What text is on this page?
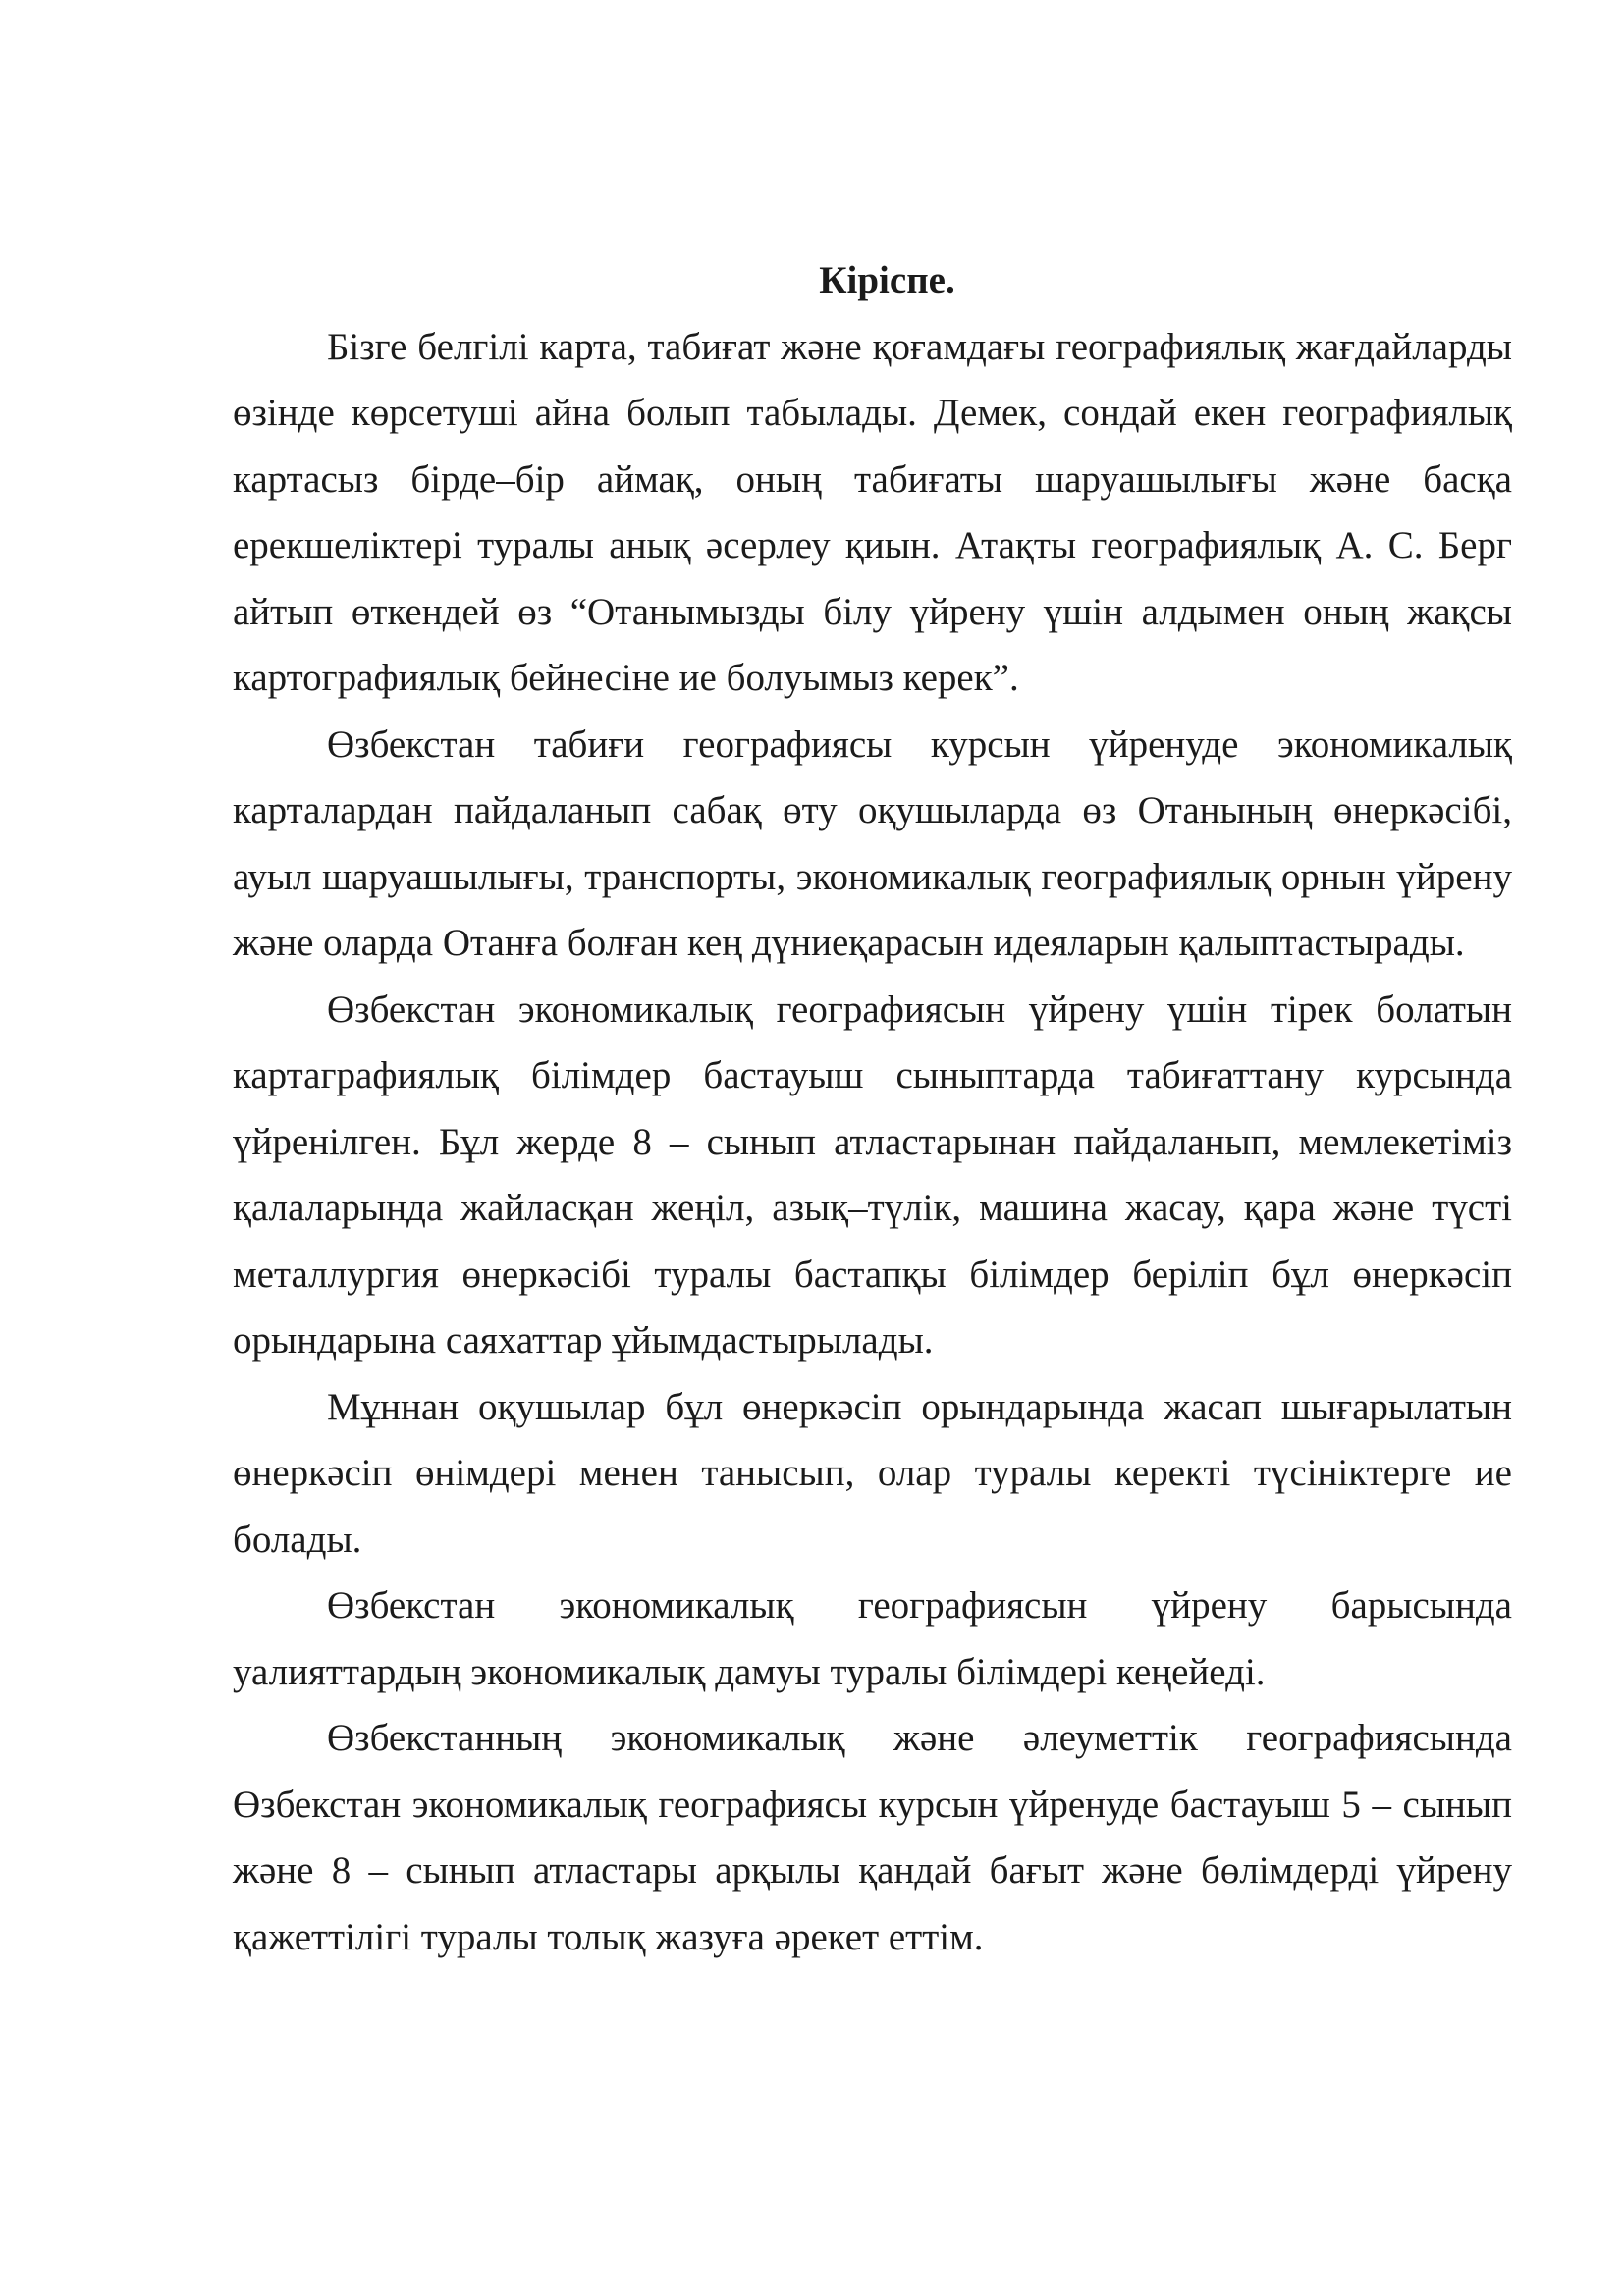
Кіріспе.

Бізге белгілі карта, табиғат және қоғамдағы географиялық жағдайларды өзінде көрсетуші айна болып табылады. Демек, сондай екен географиялық картасыз бірде–бір аймақ, оның табиғаты шаруашылығы және басқа ерекшеліктері туралы анық әсерлеу қиын. Атақты географиялық А. С. Берг айтып өткендей өз “Отанымызды білу үйрену үшін алдымен оның жақсы картографиялық бейнесіне ие болуымыз керек”.

Өзбекстан табиғи географиясы курсын үйренуде экономикалық карталардан пайдаланып сабақ өту оқушыларда өз Отанының өнеркәсібі, ауыл шаруашылығы, транспорты, экономикалық географиялық орнын үйрену және оларда Отанға болған кең дүниеқарасын идеяларын қалыптастырады.

Өзбекстан экономикалық географиясын үйрену үшін тірек болатын картаграфиялық білімдер бастауыш сыныптарда табиғаттану курсында үйренілген. Бұл жерде 8 – сынып атластарынан пайдаланып, мемлекетіміз қалаларында жайласқан жеңіл, азық–түлік, машина жасау, қара және түсті металлургия өнеркәсібі туралы бастапқы білімдер беріліп бұл өнеркәсіп орындарына саяхаттар ұйымдастырылады.

Мұннан оқушылар бұл өнеркәсіп орындарында жасап шығарылатын өнеркәсіп өнімдері менен танысып, олар туралы керекті түсініктерге ие болады.

Өзбекстан экономикалық географиясын үйрену барысында уалияттардың экономикалық дамуы туралы білімдері кеңейеді.

Өзбекстанның экономикалық және әлеуметтік географиясында Өзбекстан экономикалық географиясы курсын үйренуде бастауыш 5 – сынып және 8 – сынып атластары арқылы қандай бағыт және бөлімдерді үйрену қажеттілігі туралы толық жазуға әрекет еттім.
